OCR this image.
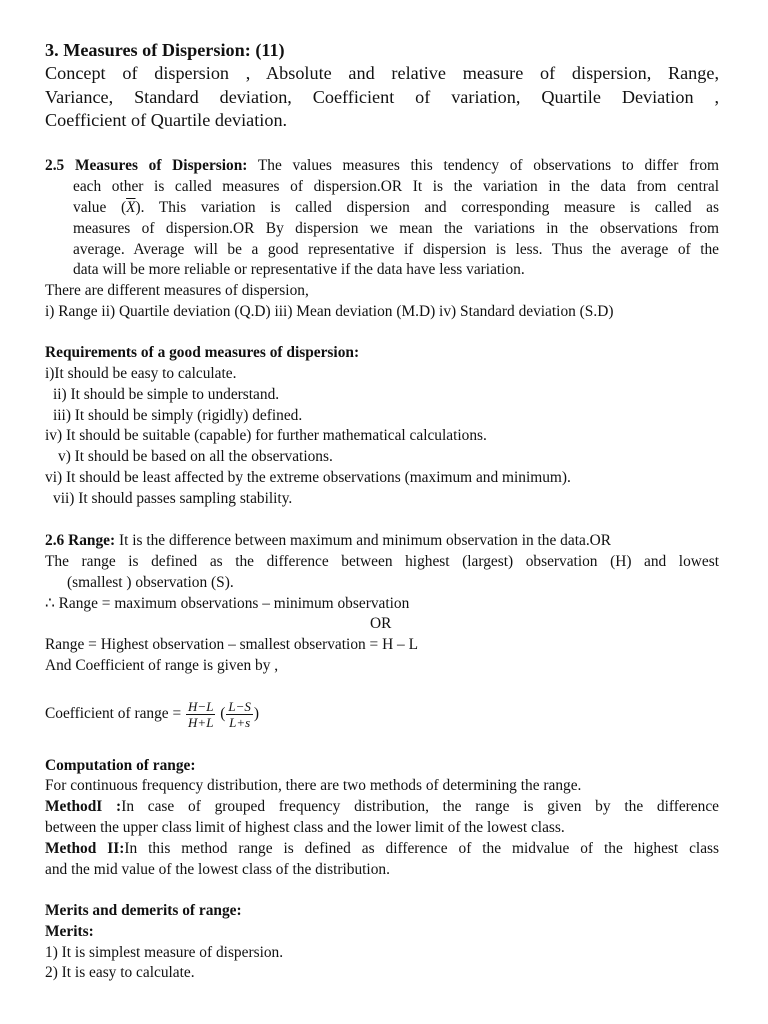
3. Measures of Dispersion: (11)
Concept of dispersion , Absolute and relative measure of dispersion, Range,
Variance, Standard deviation, Coefficient of variation, Quartile Deviation ,
Coefficient of Quartile deviation.
2.5 Measures of Dispersion: The values measures this tendency of observations to differ from
each other is called measures of dispersion.OR It is the variation in the data from central
value $(\overline{X})$. This variation is called dispersion and corresponding measure is called as
measures of dispersion.OR By dispersion we mean the variations in the observations from
average. Average will be a good representative if dispersion is less. Thus the average of the
data will be more reliable or representative if the data have less variation.
There are different measures of dispersion,
i) Range ii) Quartile deviation (Q.D) iii) Mean deviation (M.D) iv) Standard deviation (S.D)
Requirements of a good measures of dispersion:
i)It should be easy to calculate.
ii) It should be simple to understand.
iii) It should be simply (rigidly) defined.
iv) It should be suitable (capable) for further mathematical calculations.
v) It should be based on all the observations.
vi) It should be least affected by the extreme observations (maximum and minimum).
vii) It should passes sampling stability.
2.6 Range: It is the difference between maximum and minimum observation in the data.OR
The range is defined as the difference between highest (largest) observation (H) and lowest
(smallest ) observation (S).
∴ Range = maximum observations – minimum observation
OR
Range = Highest observation – smallest observation = H – L
And Coefficient of range is given by ,
Coefficient of range = $\frac{H-L}{H+L}$ ( $\frac{L-S}{L+s}$ )
Computation of range:
For continuous frequency distribution, there are two methods of determining the range.
MethodI :In case of grouped frequency distribution, the range is given by the difference
between the upper class limit of highest class and the lower limit of the lowest class.
Method II:In this method range is defined as difference of the midvalue of the highest class
and the mid value of the lowest class of the distribution.
Merits and demerits of range:
Merits:
1) It is simplest measure of dispersion.
2) It is easy to calculate.
